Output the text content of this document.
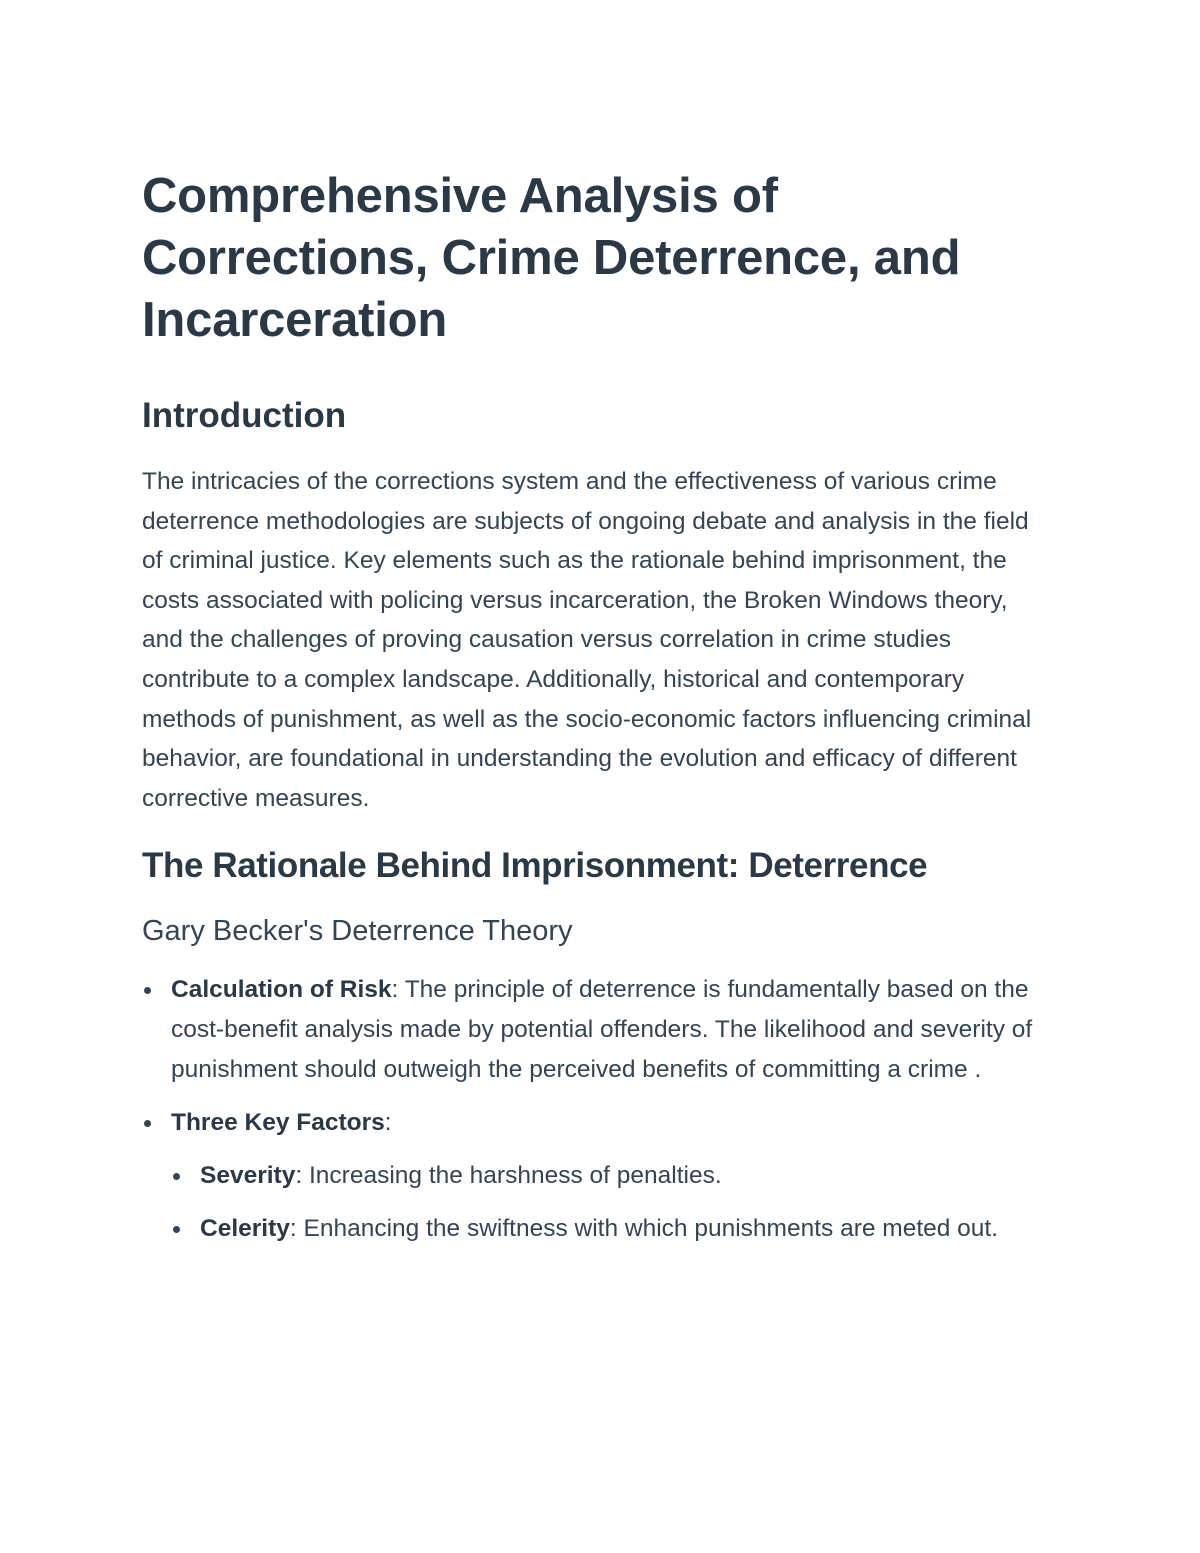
Comprehensive Analysis of Corrections, Crime Deterrence, and Incarceration
Introduction

The intricacies of the corrections system and the effectiveness of various crime deterrence methodologies are subjects of ongoing debate and analysis in the field of criminal justice. Key elements such as the rationale behind imprisonment, the costs associated with policing versus incarceration, the Broken Windows theory, and the challenges of proving causation versus correlation in crime studies contribute to a complex landscape. Additionally, historical and contemporary methods of punishment, as well as the socio-economic factors influencing criminal behavior, are foundational in understanding the evolution and efficacy of different corrective measures.

The Rationale Behind Imprisonment: Deterrence
Gary Becker's Deterrence Theory
Calculation of Risk: The principle of deterrence is fundamentally based on the cost-benefit analysis made by potential offenders. The likelihood and severity of punishment should outweigh the perceived benefits of committing a crime .
Three Key Factors:
Severity: Increasing the harshness of penalties.
Celerity: Enhancing the swiftness with which punishments are meted out.
